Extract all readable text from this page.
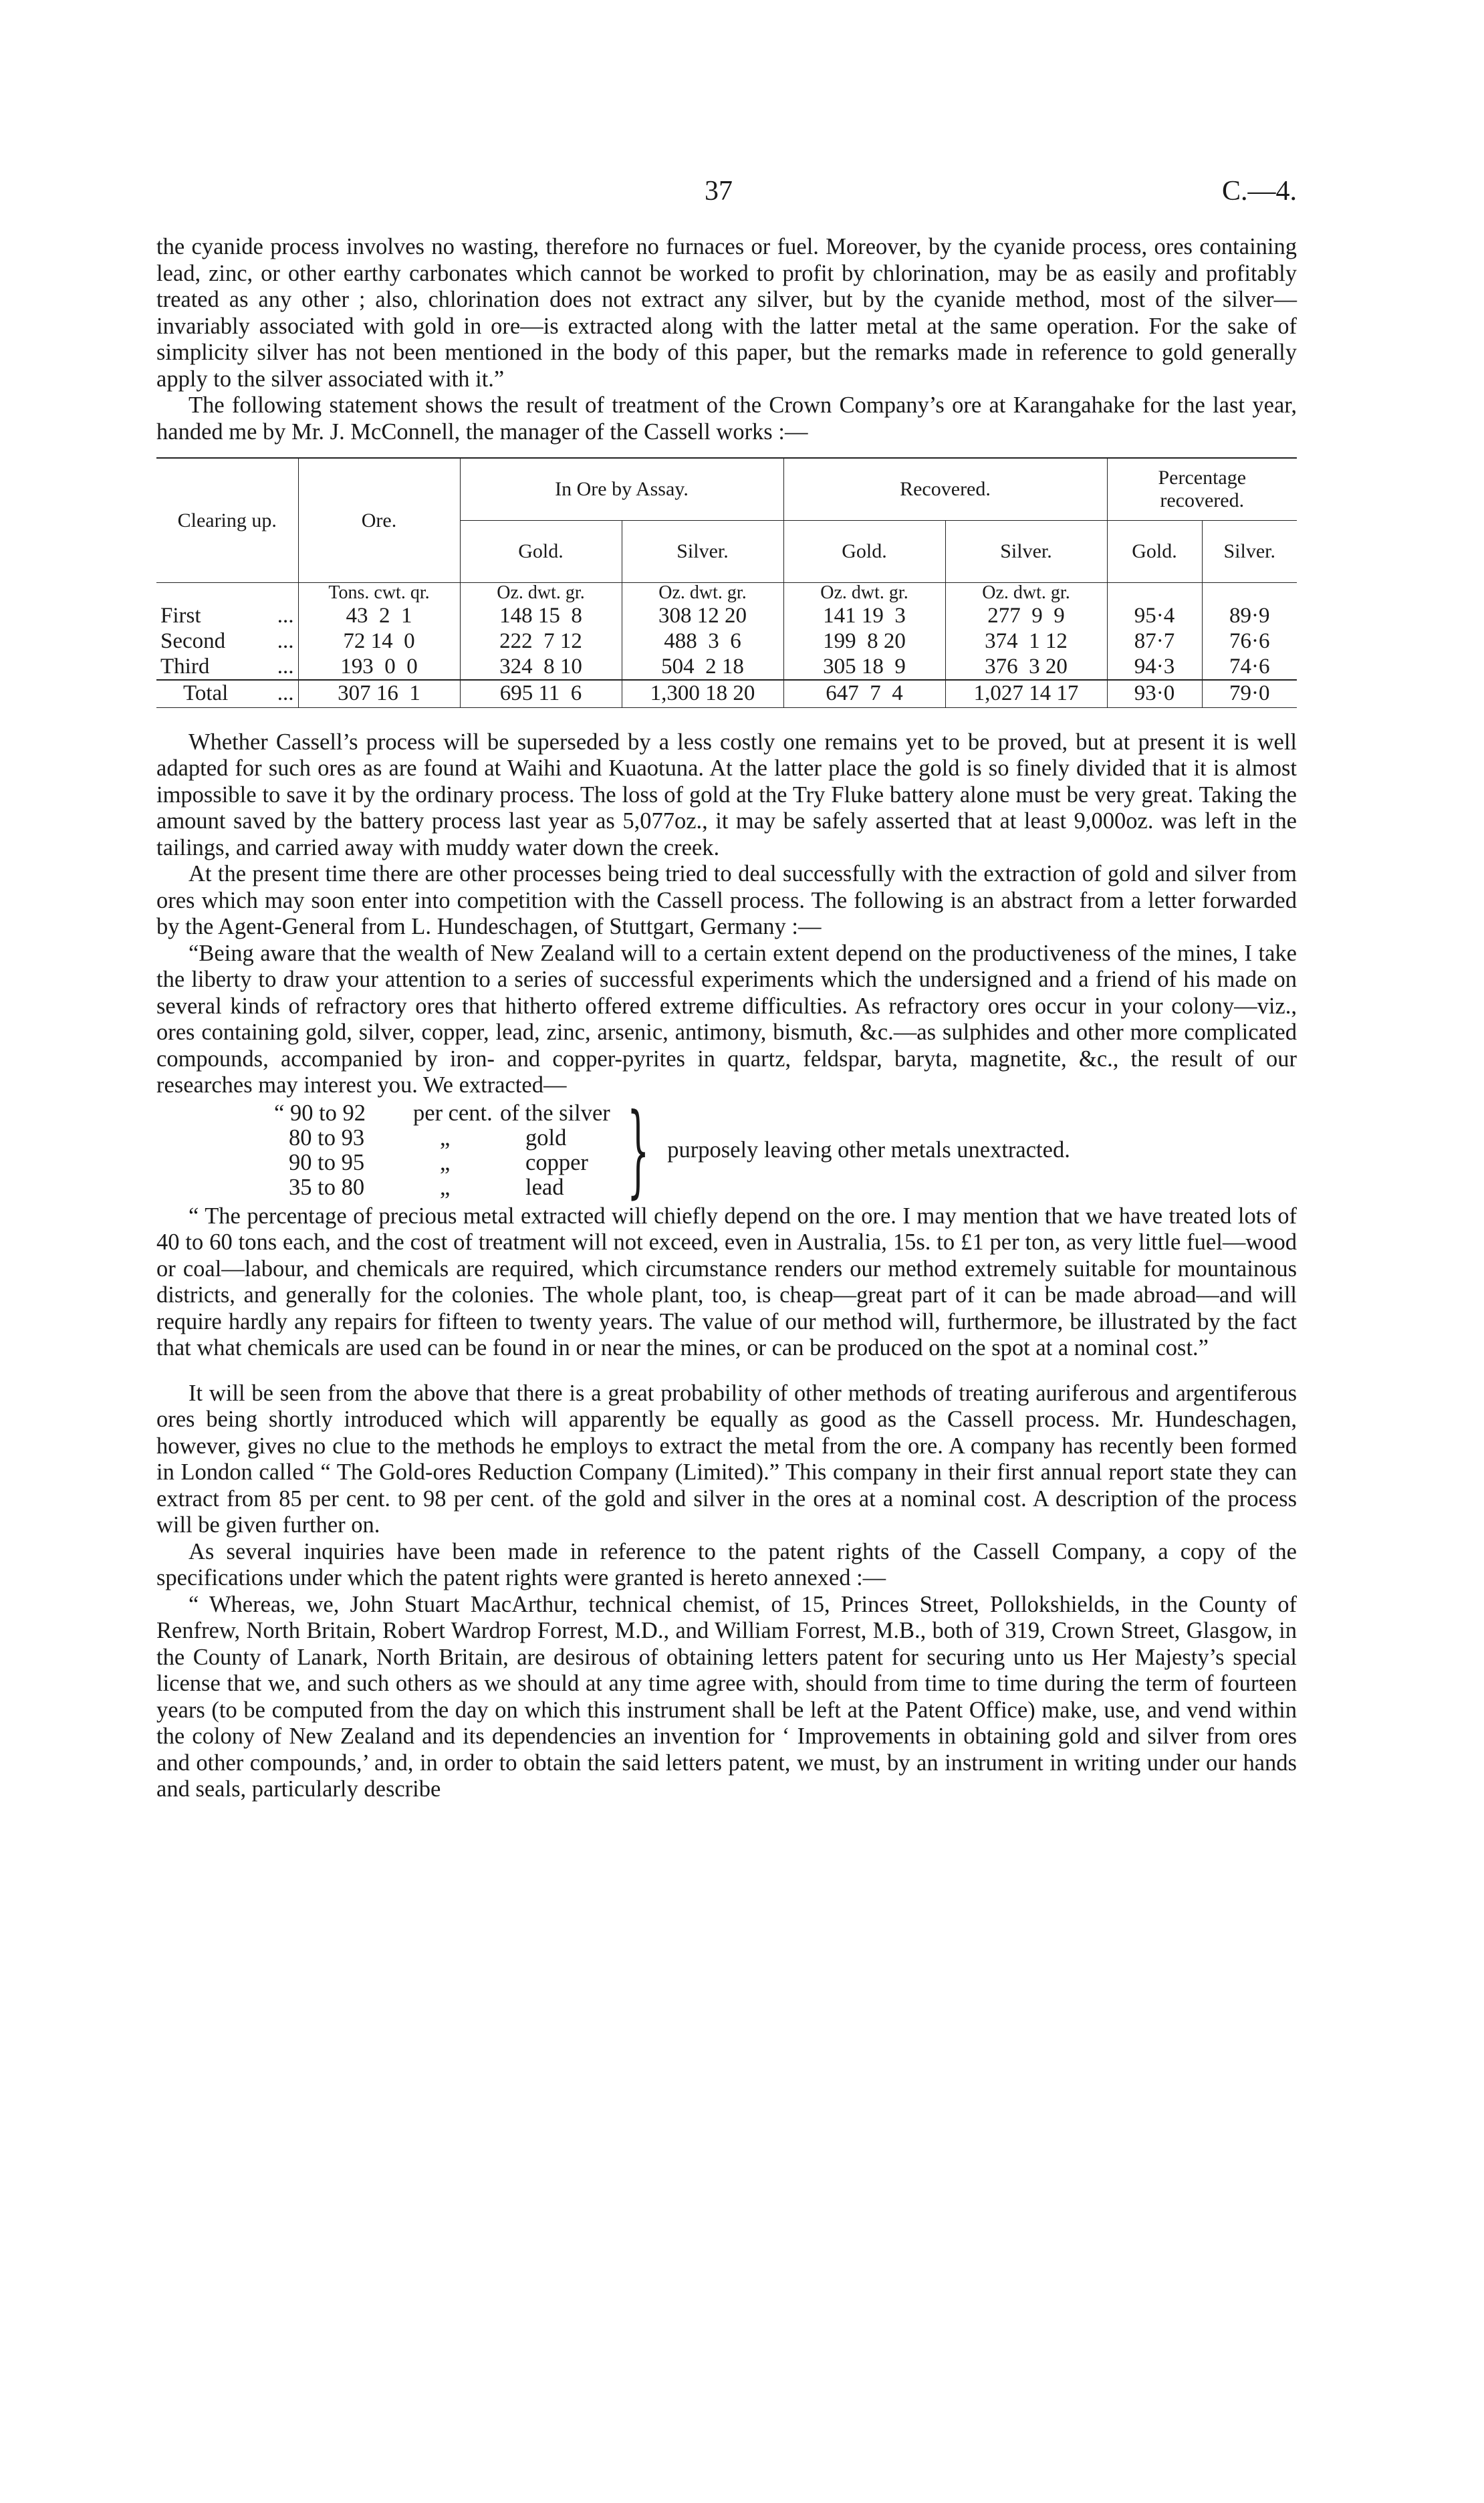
37	C.—4.

the cyanide process involves no wasting, therefore no furnaces or fuel. Moreover, by the cyanide process, ores containing lead, zinc, or other earthy carbonates which cannot be worked to profit by chlorination, may be as easily and profitably treated as any other ; also, chlorination does not extract any silver, but by the cyanide method, most of the silver—invariably associated with gold in ore—is extracted along with the latter metal at the same operation. For the sake of simplicity silver has not been mentioned in the body of this paper, but the remarks made in reference to gold generally apply to the silver associated with it.”

The following statement shows the result of treatment of the Crown Company’s ore at Karangahake for the last year, handed me by Mr. J. McConnell, the manager of the Cassell works :—

Clearing up.	Ore.	In Ore by Assay.		Recovered.		Percentage recovered.	
		Gold.	Silver.	Gold.	Silver.	Gold.	Silver.
	Tons. cwt. qr.	Oz. dwt. gr.	Oz. dwt. gr.	Oz. dwt. gr.	Oz. dwt. gr.		
First ...	43  2  1	148 15  8	308 12 20	141 19  3	277  9  9	95·4	89·9
Second ...	72 14  0	222  7 12	488  3  6	199  8 20	374  1 12	87·7	76·6
Third ...	193  0  0	324  8 10	504  2 18	305 18  9	376  3 20	94·3	74·6
Total ...	307 16  1	695 11  6	1,300 18 20	647  7  4	1,027 14 17	93·0	79·0

Whether Cassell’s process will be superseded by a less costly one remains yet to be proved, but at present it is well adapted for such ores as are found at Waihi and Kuaotuna. At the latter place the gold is so finely divided that it is almost impossible to save it by the ordinary process. The loss of gold at the Try Fluke battery alone must be very great. Taking the amount saved by the battery process last year as 5,077oz., it may be safely asserted that at least 9,000oz. was left in the tailings, and carried away with muddy water down the creek.

At the present time there are other processes being tried to deal successfully with the extraction of gold and silver from ores which may soon enter into competition with the Cassell process. The following is an abstract from a letter forwarded by the Agent-General from L. Hundeschagen, of Stuttgart, Germany :—

“Being aware that the wealth of New Zealand will to a certain extent depend on the productiveness of the mines, I take the liberty to draw your attention to a series of successful experiments which the undersigned and a friend of his made on several kinds of refractory ores that hitherto offered extreme difficulties. As refractory ores occur in your colony—viz., ores containing gold, silver, copper, lead, zinc, arsenic, antimony, bismuth, &c.—as sulphides and other more complicated compounds, accompanied by iron- and copper-pyrites in quartz, feldspar, baryta, magnetite, &c., the result of our researches may interest you. We extracted—

“ 90 to 92	per cent. of the silver
80 to 93	„	gold
90 to 95	„	copper
35 to 80	„	lead } purposely leaving other metals unextracted.

“ The percentage of precious metal extracted will chiefly depend on the ore. I may mention that we have treated lots of 40 to 60 tons each, and the cost of treatment will not exceed, even in Australia, 15s. to £1 per ton, as very little fuel—wood or coal—labour, and chemicals are required, which circumstance renders our method extremely suitable for mountainous districts, and generally for the colonies. The whole plant, too, is cheap—great part of it can be made abroad—and will require hardly any repairs for fifteen to twenty years. The value of our method will, furthermore, be illustrated by the fact that what chemicals are used can be found in or near the mines, or can be produced on the spot at a nominal cost.”

It will be seen from the above that there is a great probability of other methods of treating auriferous and argentiferous ores being shortly introduced which will apparently be equally as good as the Cassell process. Mr. Hundeschagen, however, gives no clue to the methods he employs to extract the metal from the ore. A company has recently been formed in London called “ The Gold-ores Reduction Company (Limited).” This company in their first annual report state they can extract from 85 per cent. to 98 per cent. of the gold and silver in the ores at a nominal cost. A description of the process will be given further on.

As several inquiries have been made in reference to the patent rights of the Cassell Company, a copy of the specifications under which the patent rights were granted is hereto annexed :—

“ Whereas, we, John Stuart MacArthur, technical chemist, of 15, Princes Street, Pollokshields, in the County of Renfrew, North Britain, Robert Wardrop Forrest, M.D., and William Forrest, M.B., both of 319, Crown Street, Glasgow, in the County of Lanark, North Britain, are desirous of obtaining letters patent for securing unto us Her Majesty’s special license that we, and such others as we should at any time agree with, should from time to time during the term of fourteen years (to be computed from the day on which this instrument shall be left at the Patent Office) make, use, and vend within the colony of New Zealand and its dependencies an invention for ‘ Improvements in obtaining gold and silver from ores and other compounds,’ and, in order to obtain the said letters patent, we must, by an instrument in writing under our hands and seals, particularly describe
